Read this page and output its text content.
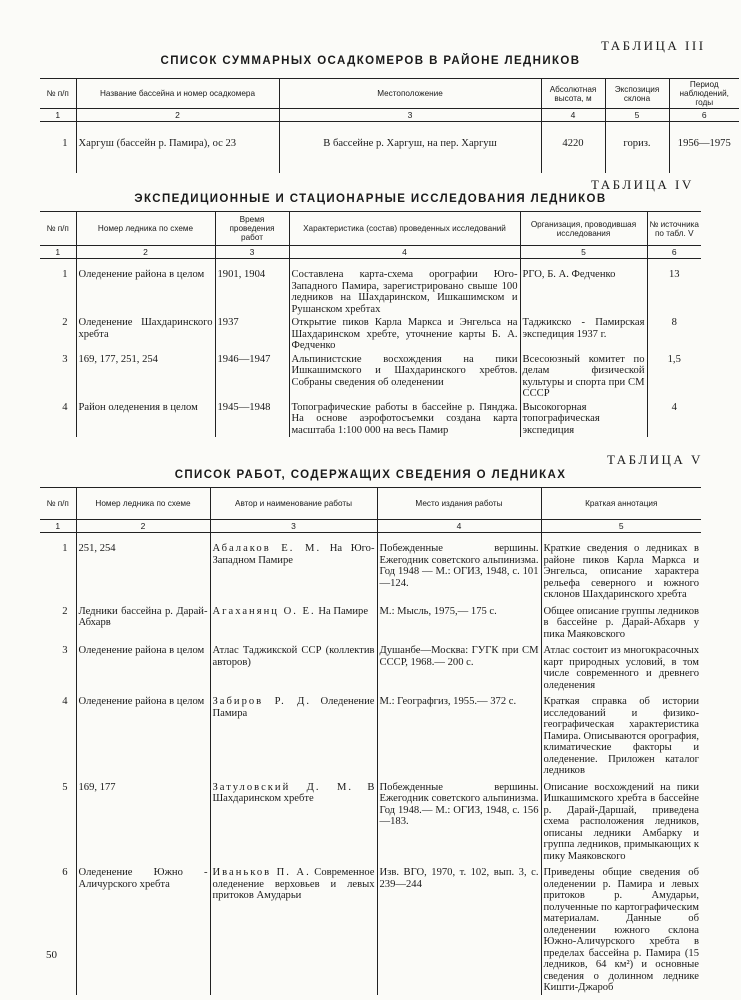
ТАБЛИЦА III
СПИСОК СУММАРНЫХ ОСАДКОМЕРОВ В РАЙОНЕ ЛЕДНИКОВ
№ п/п	Название бассейна и номер осадкомера	Местоположение	Абсолютная высота, м	Экспозиция склона	Период наблюдений, годы
1	2	3	4	5	6
1	Харгуш (бассейн р. Памира), ос 23	В бассейне р. Харгуш, на пер. Харгуш	4220	гориз.	1956—1975
ТАБЛИЦА IV
ЭКСПЕДИЦИОННЫЕ И СТАЦИОНАРНЫЕ ИССЛЕДОВАНИЯ ЛЕДНИКОВ
№ п/п	Номер ледника по схеме	Время проведения работ	Характеристика (состав) проведенных исследований	Организация, проводившая исследования	№ источника по табл. V
1	2	3	4	5	6
1	Оледенение района в целом	1901, 1904	Составлена карта-схема орографии Юго-Западного Памира, зарегистрировано свыше 100 ледников на Шахдаринском, Ишкашимском и Рушанском хребтах	РГО, Б. А. Федченко	13
2	Оледенение Шахдаринского хребта	1937	Открытие пиков Карла Маркса и Энгельса на Шахдаринском хребте, уточнение карты Б. А. Федченко	Таджикско - Памирская экспедиция 1937 г.	8
3	169, 177, 251, 254	1946—1947	Альпинистские восхождения на пики Ишкашимского и Шахдаринского хребтов. Собраны сведения об оледенении	Всесоюзный комитет по делам физической культуры и спорта при СМ СССР	1,5
4	Район оледенения в целом	1945—1948	Топографические работы в бассейне р. Пянджа. На основе аэрофотосъемки создана карта масштаба 1:100 000 на весь Памир	Высокогорная топографическая экспедиция	4
ТАБЛИЦА V
СПИСОК РАБОТ, СОДЕРЖАЩИХ СВЕДЕНИЯ О ЛЕДНИКАХ
№ п/п	Номер ледника по схеме	Автор и наименование работы	Место издания работы	Краткая аннотация
1	2	3	4	5
1	251, 254	Абалаков Е. М. На Юго-Западном Памире	Побежденные вершины. Ежегодник советского альпинизма. Год 1948 — М.: ОГИЗ, 1948, с. 101—124.	Краткие сведения о ледниках в районе пиков Карла Маркса и Энгельса, описание характера рельефа северного и южного склонов Шахдаринского хребта
2	Ледники бассейна р. Дарай-Абхарв	Агаханянц О. Е. На Памире	М.: Мысль, 1975,— 175 с.	Общее описание группы ледников в бассейне р. Дарай-Абхарв у пика Маяковского
3	Оледенение района в целом	Атлас Таджикской ССР (коллектив авторов)	Душанбе—Москва: ГУГК при СМ СССР, 1968.— 200 с.	Атлас состоит из многокрасочных карт природных условий, в том числе современного и древнего оледенения
4	Оледенение района в целом	Забиров Р. Д. Оледенение Памира	М.: Географгиз, 1955.— 372 с.	Краткая справка об истории исследований и физико-географическая характеристика Памира. Описываются орография, климатические факторы и оледенение. Приложен каталог ледников
5	169, 177	Затуловский Д. М. В Шахдаринском хребте	Побежденные вершины. Ежегодник советского альпинизма. Год 1948.— М.: ОГИЗ, 1948, с. 156—183.	Описание восхождений на пики Ишкашимского хребта в бассейне р. Дарай-Даршай, приведена схема расположения ледников, описаны ледники Амбарку и группа ледников, примыкающих к пику Маяковского
6	Оледенение Южно - Аличурского хребта	Иваньков П. А. Современное оледенение верховьев и левых притоков Амударьи	Изв. ВГО, 1970, т. 102, вып. 3, с. 239—244	Приведены общие сведения об оледенении р. Памира и левых притоков р. Амударьи, полученные по картографическим материалам. Данные об оледенении южного склона Южно-Аличурского хребта в пределах бассейна р. Памира (15 ледников, 64 км²) и основные сведения о долинном леднике Кишти-Джароб
50
